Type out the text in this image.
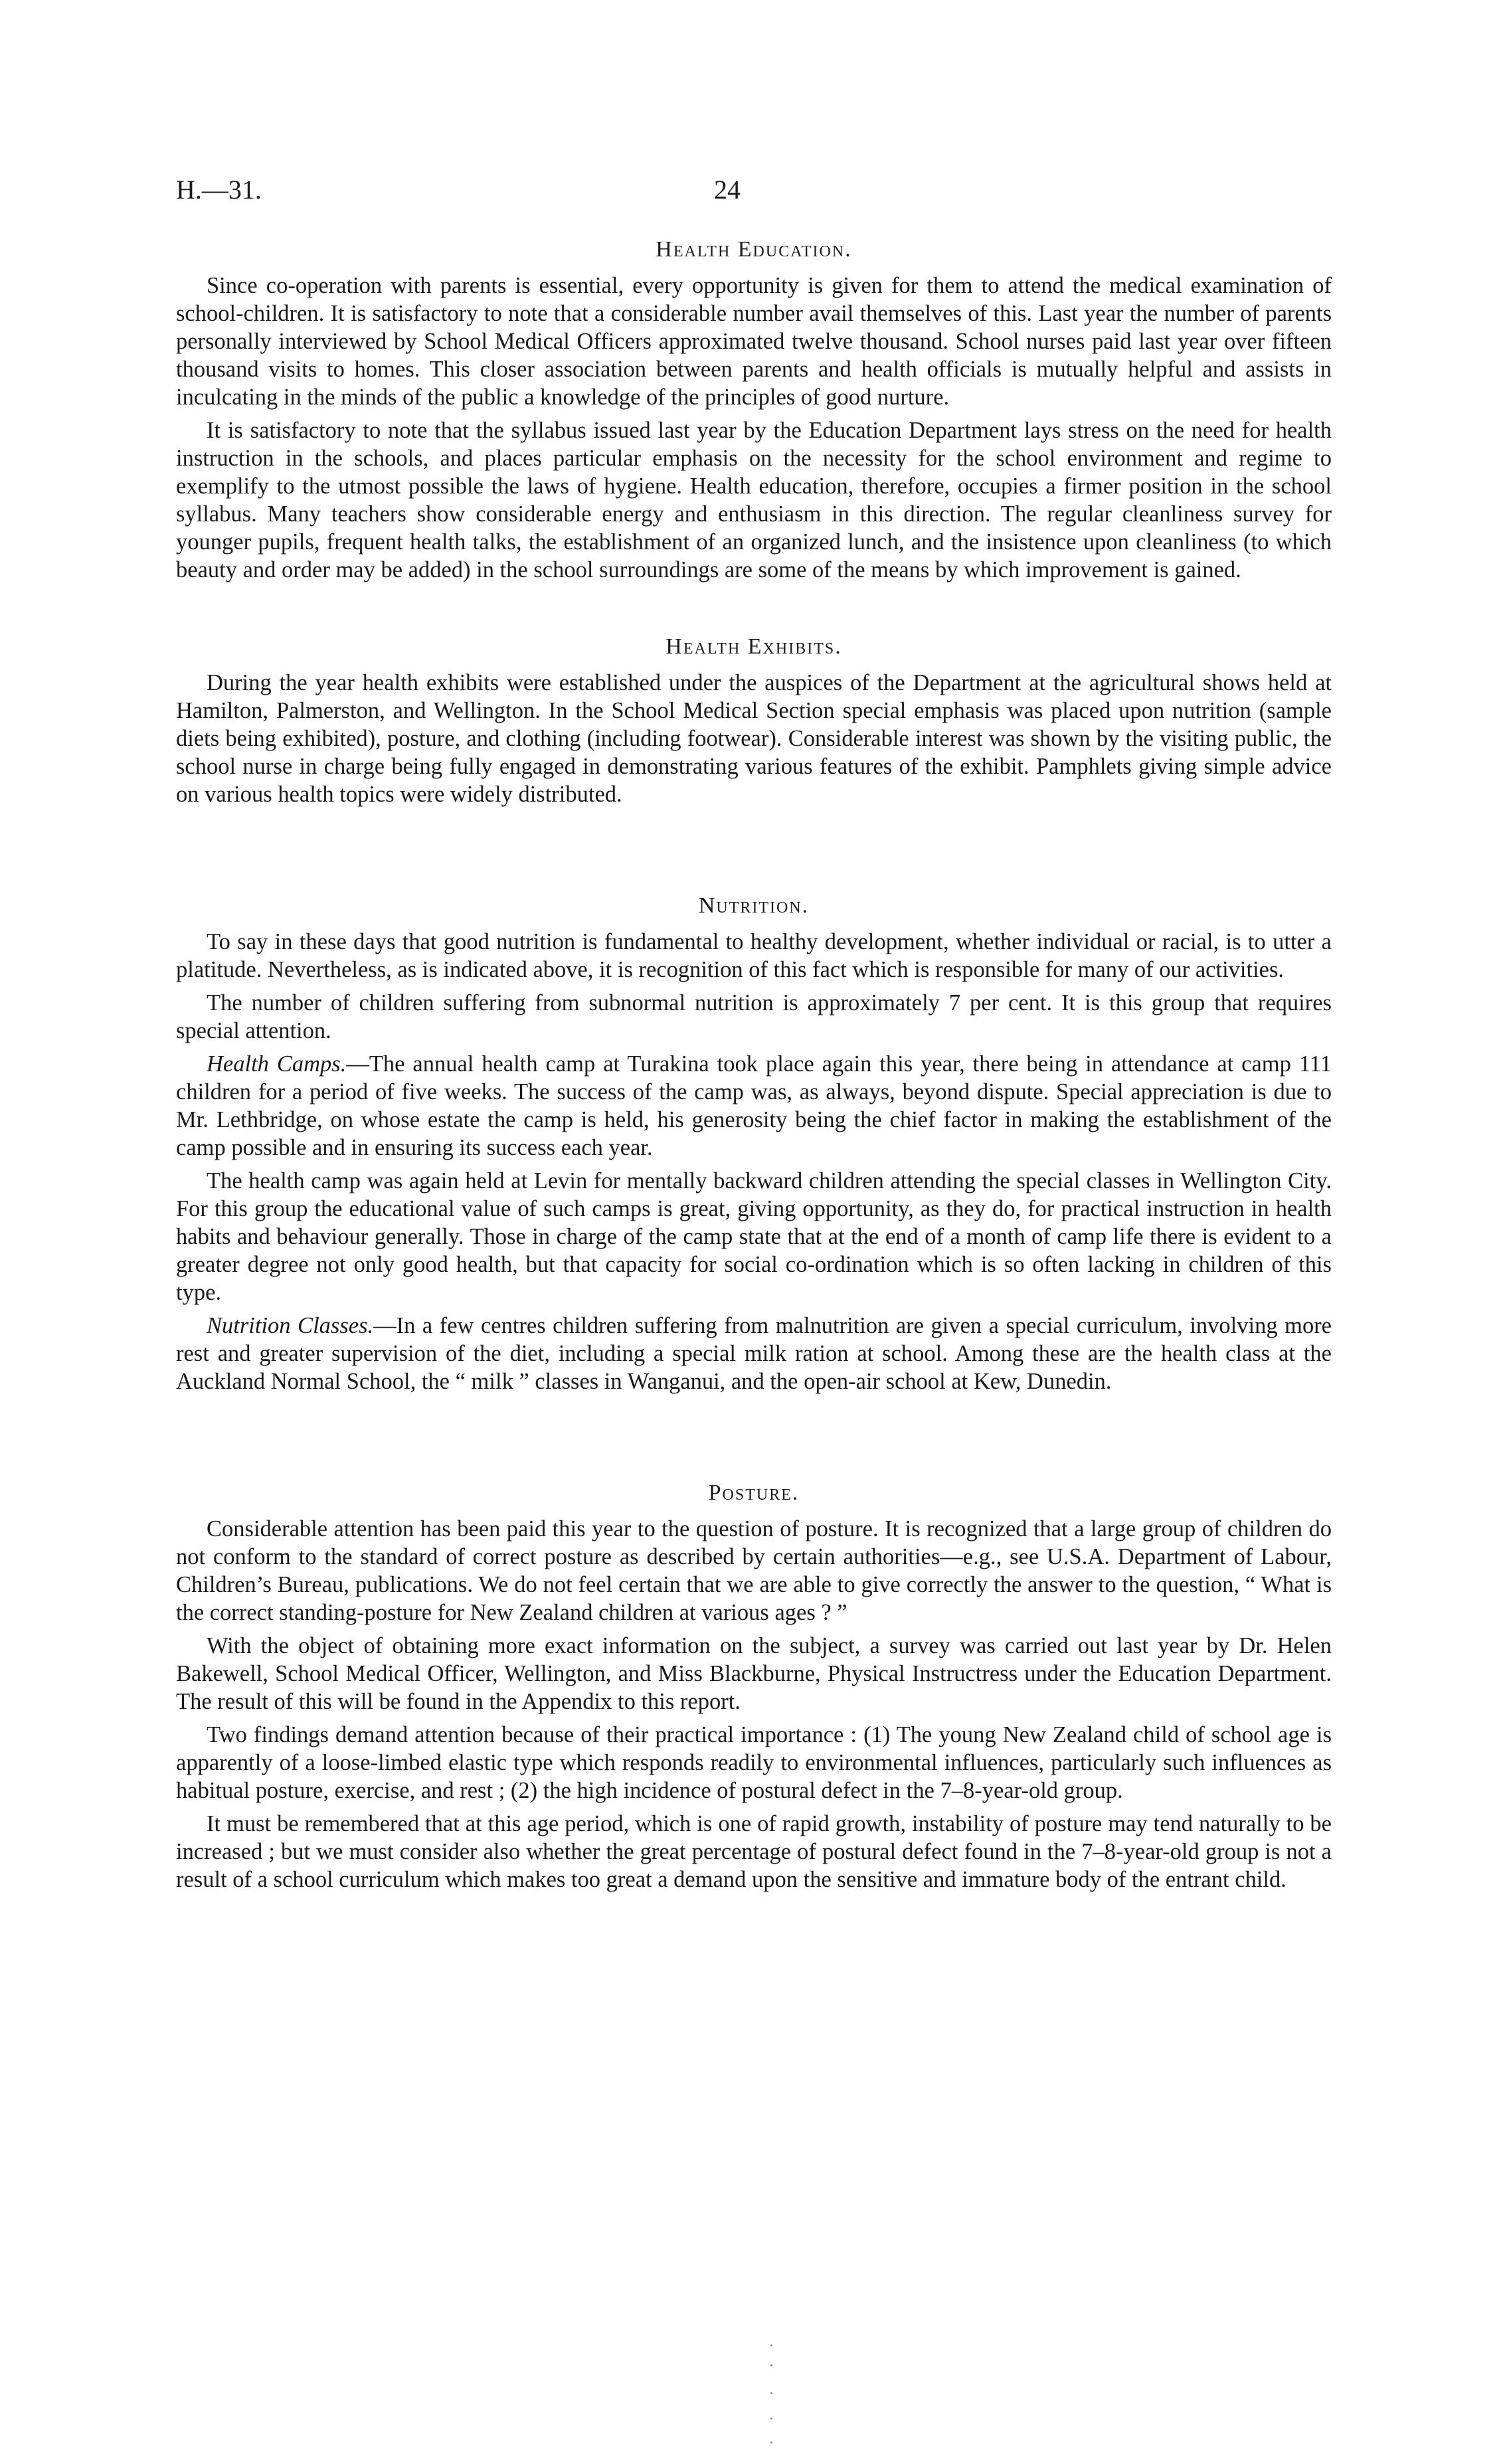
H.—31.	24
Health Education.

Since co-operation with parents is essential, every opportunity is given for them to attend the medical examination of school-children. It is satisfactory to note that a considerable number avail themselves of this. Last year the number of parents personally interviewed by School Medical Officers approximated twelve thousand. School nurses paid last year over fifteen thousand visits to homes. This closer association between parents and health officials is mutually helpful and assists in inculcating in the minds of the public a knowledge of the principles of good nurture.

It is satisfactory to note that the syllabus issued last year by the Education Department lays stress on the need for health instruction in the schools, and places particular emphasis on the necessity for the school environment and regime to exemplify to the utmost possible the laws of hygiene. Health education, therefore, occupies a firmer position in the school syllabus. Many teachers show considerable energy and enthusiasm in this direction. The regular cleanliness survey for younger pupils, frequent health talks, the establishment of an organized lunch, and the insistence upon cleanliness (to which beauty and order may be added) in the school surroundings are some of the means by which improvement is gained.

Health Exhibits.

During the year health exhibits were established under the auspices of the Department at the agricultural shows held at Hamilton, Palmerston, and Wellington. In the School Medical Section special emphasis was placed upon nutrition (sample diets being exhibited), posture, and clothing (including footwear). Considerable interest was shown by the visiting public, the school nurse in charge being fully engaged in demonstrating various features of the exhibit. Pamphlets giving simple advice on various health topics were widely distributed.

Nutrition.

To say in these days that good nutrition is fundamental to healthy development, whether individual or racial, is to utter a platitude. Nevertheless, as is indicated above, it is recognition of this fact which is responsible for many of our activities.

The number of children suffering from subnormal nutrition is approximately 7 per cent. It is this group that requires special attention.

Health Camps.—The annual health camp at Turakina took place again this year, there being in attendance at camp 111 children for a period of five weeks. The success of the camp was, as always, beyond dispute. Special appreciation is due to Mr. Lethbridge, on whose estate the camp is held, his generosity being the chief factor in making the establishment of the camp possible and in ensuring its success each year.

The health camp was again held at Levin for mentally backward children attending the special classes in Wellington City. For this group the educational value of such camps is great, giving opportunity, as they do, for practical instruction in health habits and behaviour generally. Those in charge of the camp state that at the end of a month of camp life there is evident to a greater degree not only good health, but that capacity for social co-ordination which is so often lacking in children of this type.

Nutrition Classes.—In a few centres children suffering from malnutrition are given a special curriculum, involving more rest and greater supervision of the diet, including a special milk ration at school. Among these are the health class at the Auckland Normal School, the “ milk ” classes in Wanganui, and the open-air school at Kew, Dunedin.

Posture.

Considerable attention has been paid this year to the question of posture. It is recognized that a large group of children do not conform to the standard of correct posture as described by certain authorities—e.g., see U.S.A. Department of Labour, Children’s Bureau, publications. We do not feel certain that we are able to give correctly the answer to the question, “ What is the correct standing-posture for New Zealand children at various ages ? ”

With the object of obtaining more exact information on the subject, a survey was carried out last year by Dr. Helen Bakewell, School Medical Officer, Wellington, and Miss Blackburne, Physical Instructress under the Education Department. The result of this will be found in the Appendix to this report.

Two findings demand attention because of their practical importance : (1) The young New Zealand child of school age is apparently of a loose-limbed elastic type which responds readily to environmental influences, particularly such influences as habitual posture, exercise, and rest ; (2) the high incidence of postural defect in the 7–8-year-old group.

It must be remembered that at this age period, which is one of rapid growth, instability of posture may tend naturally to be increased ; but we must consider also whether the great percentage of postural defect found in the 7–8-year-old group is not a result of a school curriculum which makes too great a demand upon the sensitive and immature body of the entrant child.
